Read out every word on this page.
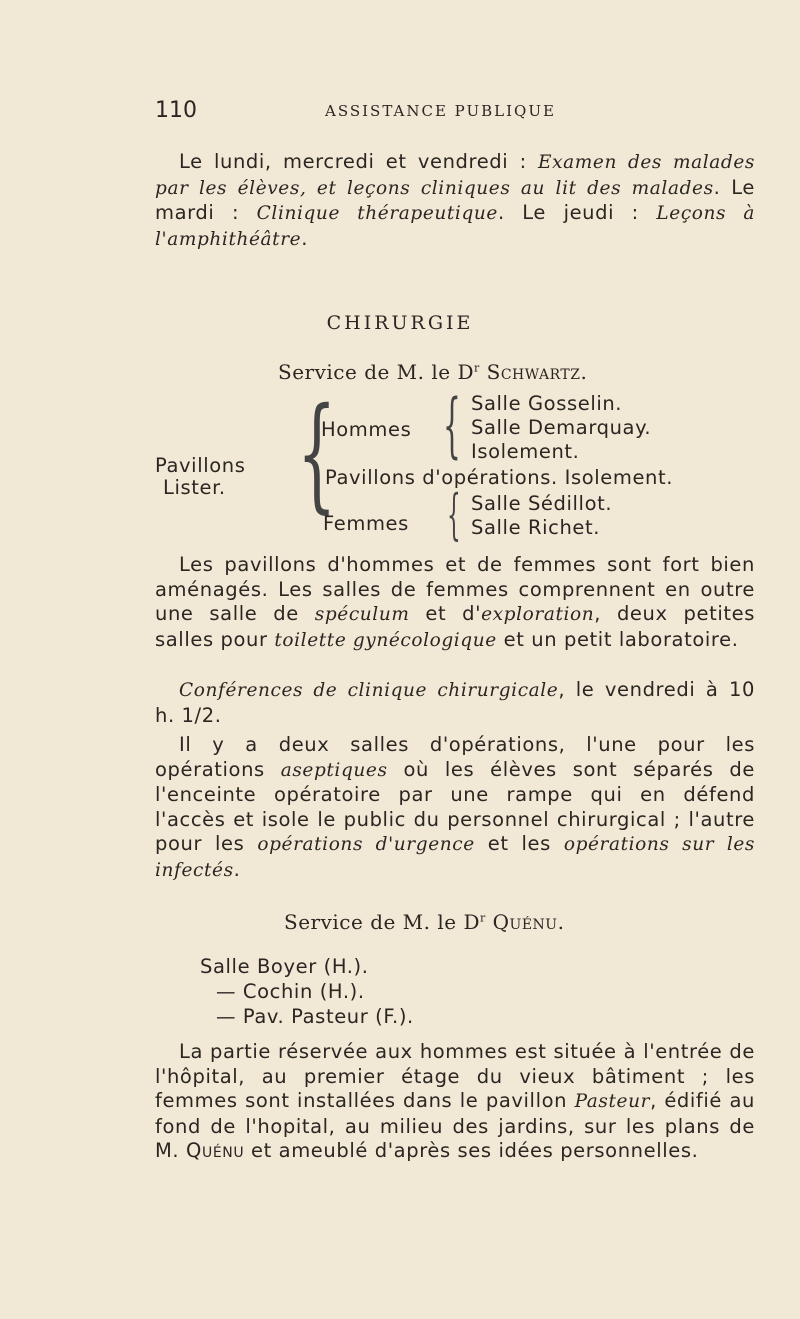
110	ASSISTANCE PUBLIQUE
Le lundi, mercredi et vendredi : Examen des malades par les élèves, et leçons cliniques au lit des malades. Le mardi : Clinique thérapeutique. Le jeudi : Leçons à l'amphithéâtre.
CHIRURGIE
Service de M. le $D^r$ Schwartz.
Pavillons
Lister. {
Hommes { Salle Gosselin.
Salle Demarquay.
Isolement.
Pavillons d'opérations. Isolement.
Femmes { Salle Sédillot.
Salle Richet.
Les pavillons d'hommes et de femmes sont fort bien aménagés. Les salles de femmes comprennent en outre une salle de spéculum et d'exploration, deux petites salles pour toilette gynécologique et un petit laboratoire.
Conférences de clinique chirurgicale, le vendredi à 10 h. 1/2.
Il y a deux salles d'opérations, l'une pour les opérations aseptiques où les élèves sont séparés de l'enceinte opératoire par une rampe qui en défend l'accès et isole le public du personnel chirurgical ; l'autre pour les opérations d'urgence et les opérations sur les infectés.
Service de M. le $D^r$ Quénu.
Salle Boyer (H.).
— Cochin (H.).
— Pav. Pasteur (F.).
La partie réservée aux hommes est située à l'entrée de l'hôpital, au premier étage du vieux bâtiment ; les femmes sont installées dans le pavillon Pasteur, édifié au fond de l'hopital, au milieu des jardins, sur les plans de M. Quénu et ameublé d'après ses idées personnelles.
